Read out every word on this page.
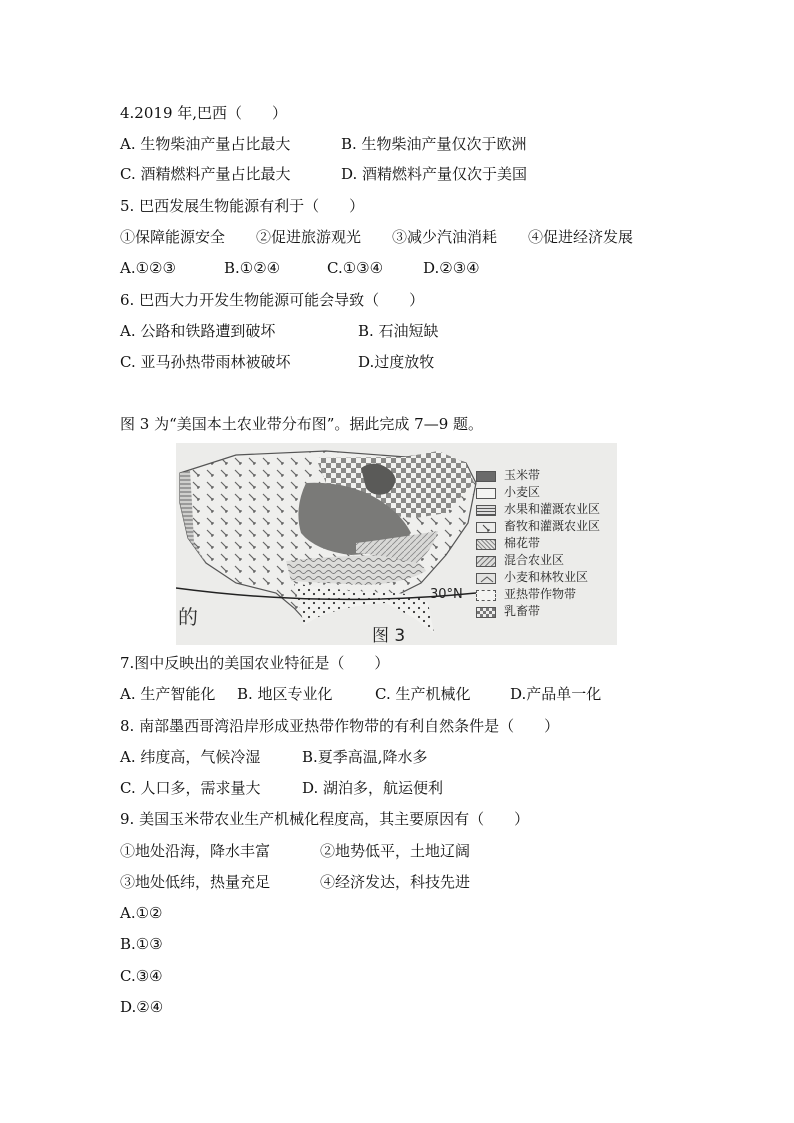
4.2019 年,巴西（　　）
A. 生物柴油产量占比最大	B. 生物柴油产量仅次于欧洲
C. 酒精燃料产量占比最大	D. 酒精燃料产量仅次于美国
5. 巴西发展生物能源有利于（　　）
①保障能源安全 ②促进旅游观光 ③减少汽油消耗 ④促进经济发展
A.①②③	B.①②④	C.①③④	D.②③④
6. 巴西大力开发生物能源可能会导致（　　）
A. 公路和铁路遭到破坏	B. 石油短缺
C. 亚马孙热带雨林被破坏	D.过度放牧
图 3 为“美国本土农业带分布图”。据此完成 7—9 题。
的
30°N
图 3
玉米带
小麦区
水果和灌溉农业区
畜牧和灌溉农业区
棉花带
混合农业区
小麦和林牧业区
亚热带作物带
乳畜带
7.图中反映出的美国农业特征是（　　）
A. 生产智能化 B. 地区专业化	C. 生产机械化	D.产品单一化
8. 南部墨西哥湾沿岸形成亚热带作物带的有利自然条件是（　　）
A. 纬度高，气候冷湿	B.夏季高温,降水多
C. 人口多，需求量大	D. 湖泊多，航运便利
9. 美国玉米带农业生产机械化程度高，其主要原因有（　　）
①地处沿海，降水丰富	②地势低平，土地辽阔
③地处低纬，热量充足	④经济发达，科技先进
A.①②
B.①③
C.③④
D.②④
